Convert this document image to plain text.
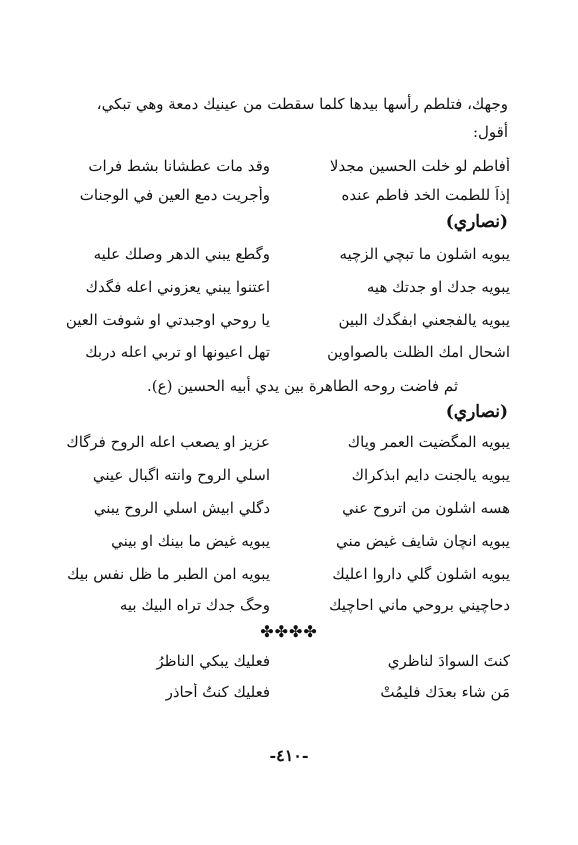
وجهك، فتلطم رأسها بيدها كلما سقطت من عينيك دمعة وهي تبكي،
أقول:
أفاطم لو خلت الحسين مجدلا
وقد مات عطشانا بشط فرات
إذاً للطمت الخد فاطم عنده
وأجريت دمع العين في الوجنات
(نصاري)
يبويه اشلون ما تبچي الزچيه
وگطع يبني الدهر وصلك عليه
يبويه جدك او جدتك هيه
اعتنوا يبني يعزوني اعله فگدك
يبويه يالفجعني ابفگدك البين
يا روحي اوجبدتي او شوفت العين
اشحال امك الظلت بالصواوين
تهل اعيونها او تربي اعله دربك
ثم فاضت روحه الطاهرة بين يدي أبيه الحسين (ع).
(نصاري)
يبويه المگضيت العمر وياك
عزيز او يصعب اعله الروح فرگاك
يبويه يالجنت دايم ابذكراك
اسلي الروح وانته اگبال عيني
هسه اشلون من اتروح عني
دگلي ابيش اسلي الروح يبني
يبويه انچان شايف غيض مني
يبويه غيض ما بينك او بيني
يبويه اشلون گلي داروا اعليك
يبويه امن الطبر ما ظل نفس بيك
دحاچيني بروحي ماني احاچيك
وحگ جدك تراه البيك بيه
✤✤✤✤
كنتَ السوادَ لناظري
فعليك يبكي الناظرُ
مَن شاء بعدَك فليمُتْ
فعليك كنتُ أحاذر
-٤١٠-
